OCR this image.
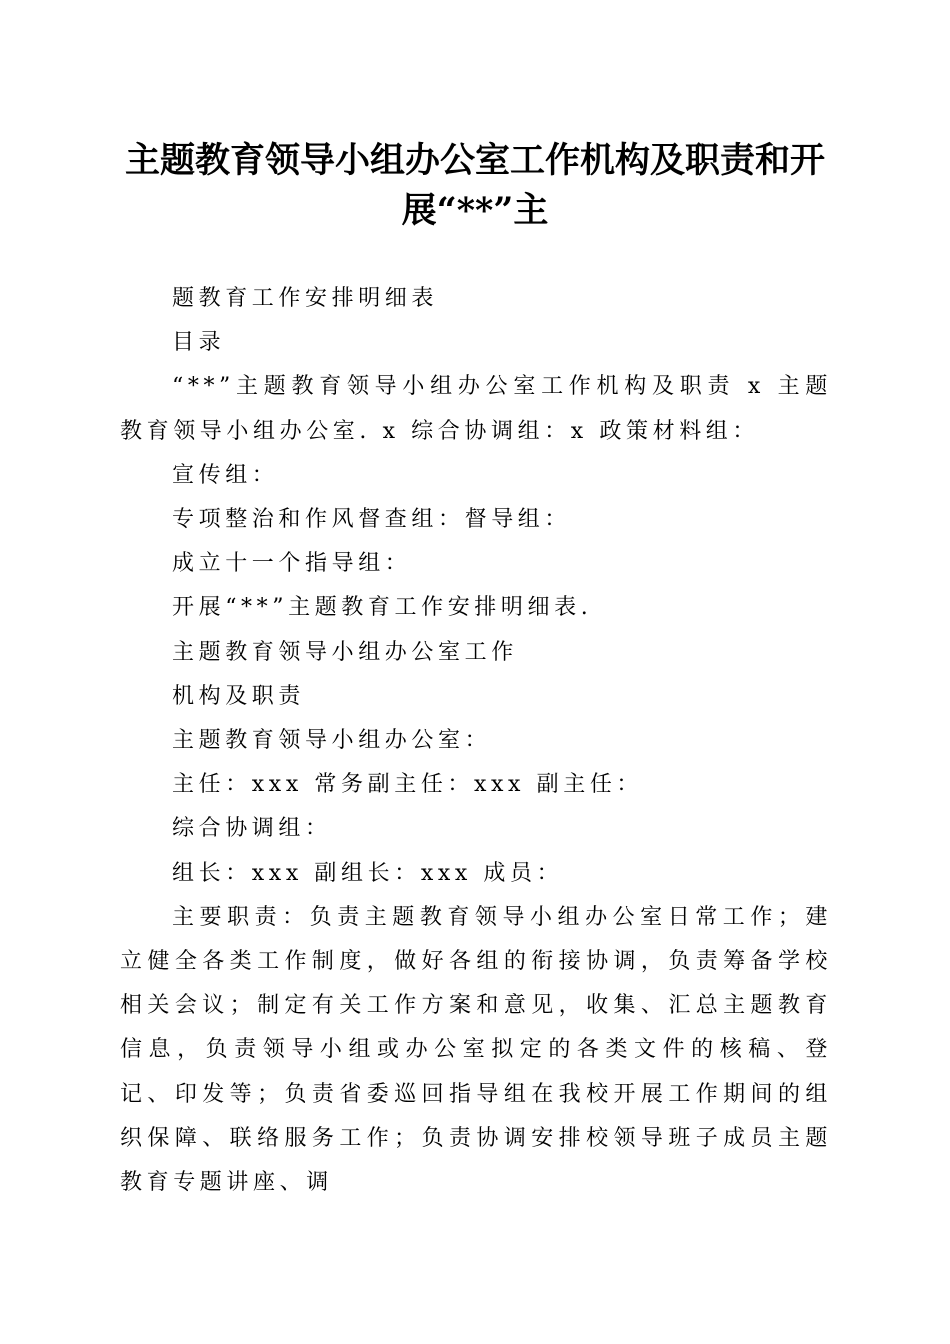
主题教育领导小组办公室工作机构及职责和开展“**”主

题教育工作安排明细表

目录

“**”主题教育领导小组办公室工作机构及职责 x 主题教育领导小组办公室. x 综合协调组：x 政策材料组：

宣传组：

专项整治和作风督查组：督导组：

成立十一个指导组：

开展“**”主题教育工作安排明细表.

主题教育领导小组办公室工作

机构及职责

主题教育领导小组办公室：

主任：xxx 常务副主任：xxx 副主任：

综合协调组：

组长：xxx 副组长：xxx 成员：

主要职责：负责主题教育领导小组办公室日常工作；建立健全各类工作制度，做好各组的衔接协调，负责筹备学校相关会议；制定有关工作方案和意见，收集、汇总主题教育信息，负责领导小组或办公室拟定的各类文件的核稿、登记、印发等；负责省委巡回指导组在我校开展工作期间的组织保障、联络服务工作；负责协调安排校领导班子成员主题教育专题讲座、调
